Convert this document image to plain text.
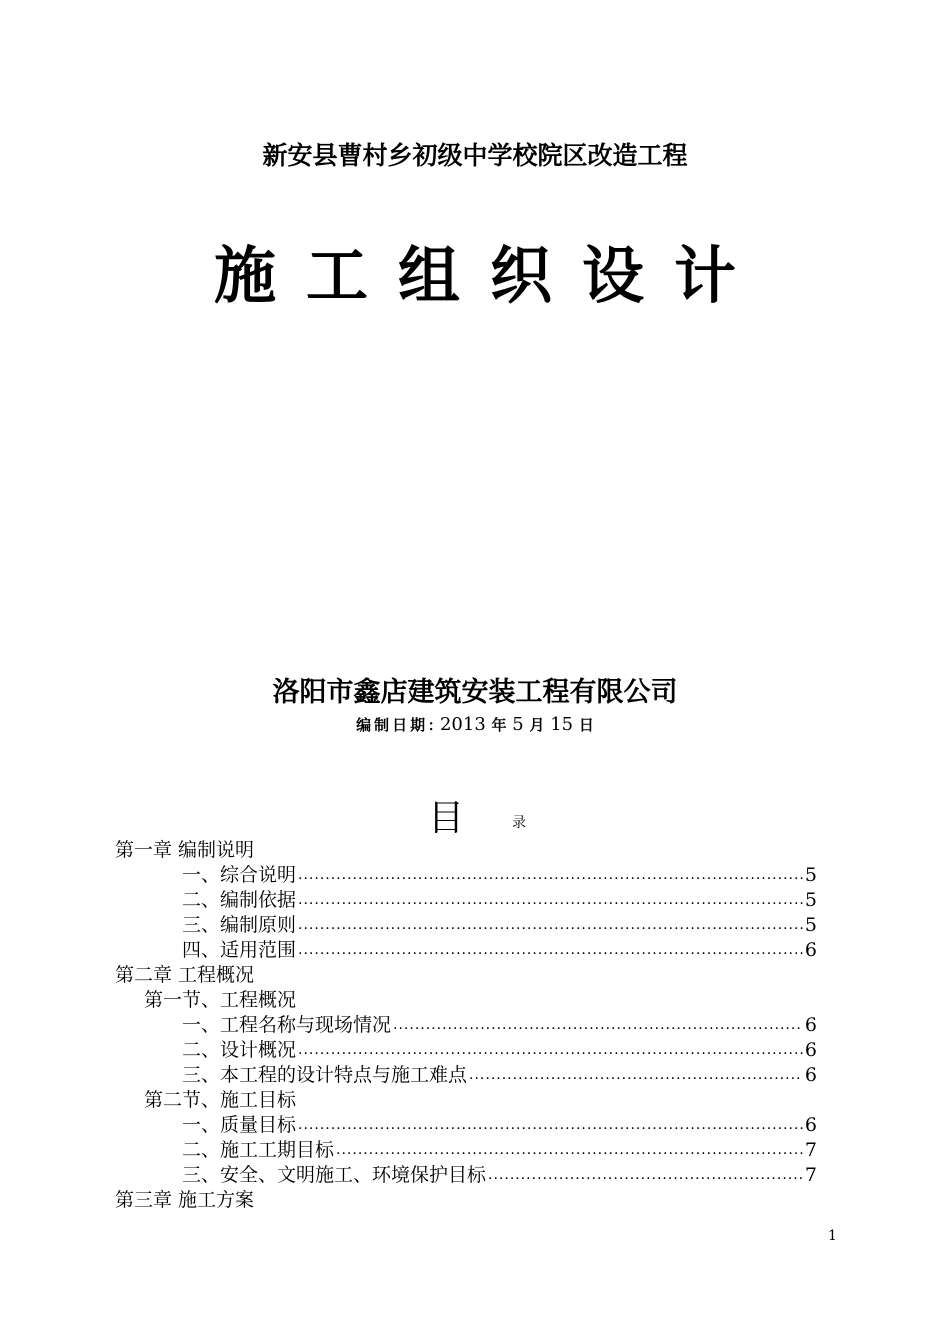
新安县曹村乡初级中学校院区改造工程
施工组织设计
洛阳市鑫店建筑安装工程有限公司
编制日期: 2013 年 5 月 15 日
目	录
第一章 编制说明
一、综合说明 .....	5
二、编制依据 .....	5
三、编制原则 .....	5
四、适用范围 .....	6
第二章 工程概况
第一节、工程概况
一、工程名称与现场情况 .....	6
二、设计概况 .....	6
三、本工程的设计特点与施工难点 .....	6
第二节、施工目标
一、质量目标 .....	6
二、施工工期目标 .....	7
三、安全、文明施工、环境保护目标 .....	7
第三章 施工方案
1
